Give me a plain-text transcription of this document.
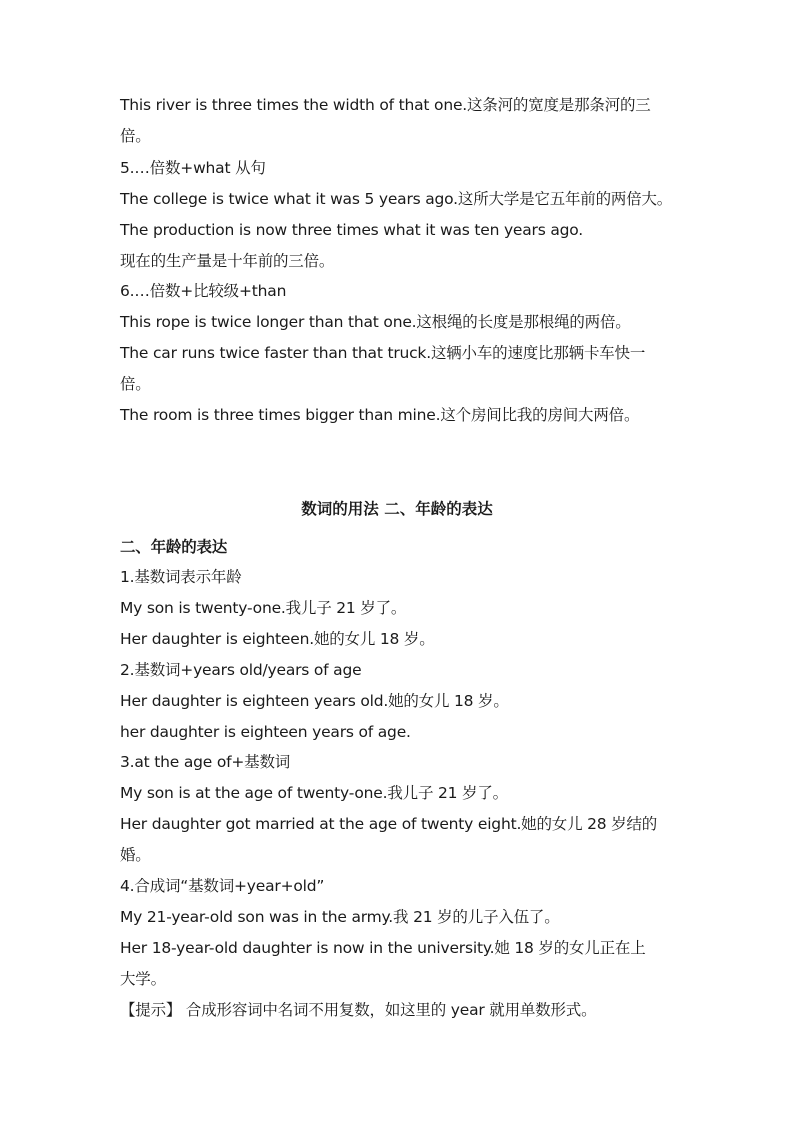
This river is three times the width of that one.这条河的宽度是那条河的三
倍。
5.…倍数+what 从句
The college is twice what it was 5 years ago.这所大学是它五年前的两倍大。
The production is now three times what it was ten years ago.
现在的生产量是十年前的三倍。
6.…倍数+比较级+than
This rope is twice longer than that one.这根绳的长度是那根绳的两倍。
The car runs twice faster than that truck.这辆小车的速度比那辆卡车快一
倍。
The room is three times bigger than mine.这个房间比我的房间大两倍。
数词的用法 二、年龄的表达
二、年龄的表达
1.基数词表示年龄
My son is twenty-one.我儿子 21 岁了。
Her daughter is eighteen.她的女儿 18 岁。
2.基数词+years old/years of age
Her daughter is eighteen years old.她的女儿 18 岁。
her daughter is eighteen years of age.
3.at the age of+基数词
My son is at the age of twenty-one.我儿子 21 岁了。
Her daughter got married at the age of twenty eight.她的女儿 28 岁结的
婚。
4.合成词“基数词+year+old”
My 21-year-old son was in the army.我 21 岁的儿子入伍了。
Her 18-year-old daughter is now in the university.她 18 岁的女儿正在上
大学。
【提示】 合成形容词中名词不用复数，如这里的 year 就用单数形式。
